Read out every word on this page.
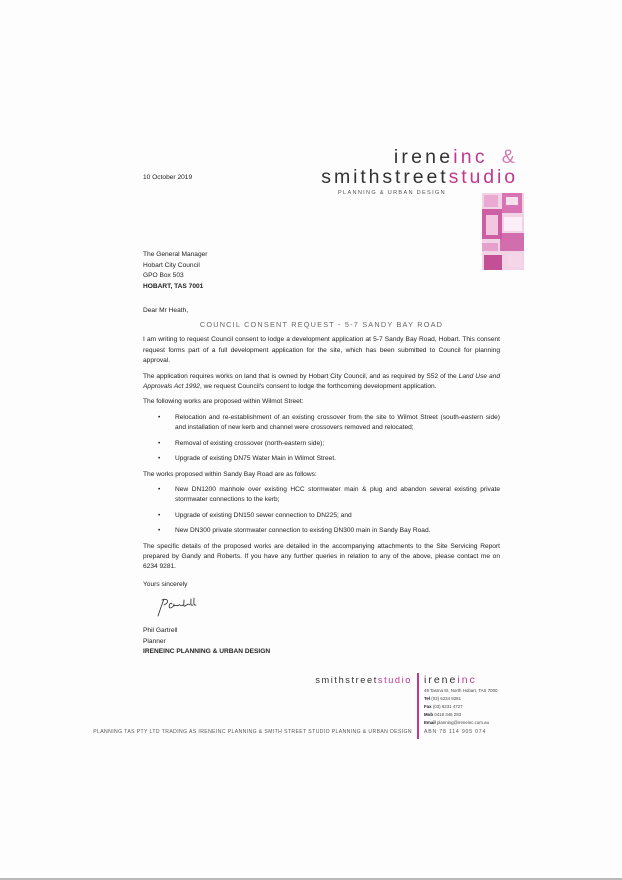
ireneinc &
smithstreetstudio
PLANNING & URBAN DESIGN
10 October 2019
The General Manager
Hobart City Council
GPO Box 503
HOBART, TAS 7001
Dear Mr Heath,
COUNCIL CONSENT REQUEST - 5-7 SANDY BAY ROAD

I am writing to request Council consent to lodge a development application at 5-7 Sandy Bay Road, Hobart. This consent request forms part of a full development application for the site, which has been submitted to Council for planning approval.

The application requires works on land that is owned by Hobart City Council, and as required by S52 of the Land Use and Approvals Act 1992, we request Council's consent to lodge the forthcoming development application.

The following works are proposed within Wilmot Street:

• Relocation and re-establishment of an existing crossover from the site to Wilmot Street (south-eastern side) and installation of new kerb and channel were crossovers removed and relocated;
• Removal of existing crossover (north-eastern side);
• Upgrade of existing DN75 Water Main in Wilmot Street.

The works proposed within Sandy Bay Road are as follows:

• New DN1200 manhole over existing HCC stormwater main & plug and abandon several existing private stormwater connections to the kerb;
• Upgrade of existing DN150 sewer connection to DN225; and
• New DN300 private stormwater connection to existing DN300 main in Sandy Bay Road.

The specific details of the proposed works are detailed in the accompanying attachments to the Site Servicing Report prepared by Gandy and Roberts. If you have any further queries in relation to any of the above, please contact me on 6234 9281.

Yours sincerely
Phil Gartrell
Planner
IRENEINC PLANNING & URBAN DESIGN
smithstreetstudio ireneinc
49 Tasma St, North Hobart, TAS 7000
Tel (03) 6234 9281
Fax (03) 6231 4727
Mob 0418 346 283
Email planning@ireneinc.com.au
PLANNING TAS PTY LTD TRADING AS IRENEINC PLANNING & SMITH STREET STUDIO PLANNING & URBAN DESIGN ABN 78 114 905 074
